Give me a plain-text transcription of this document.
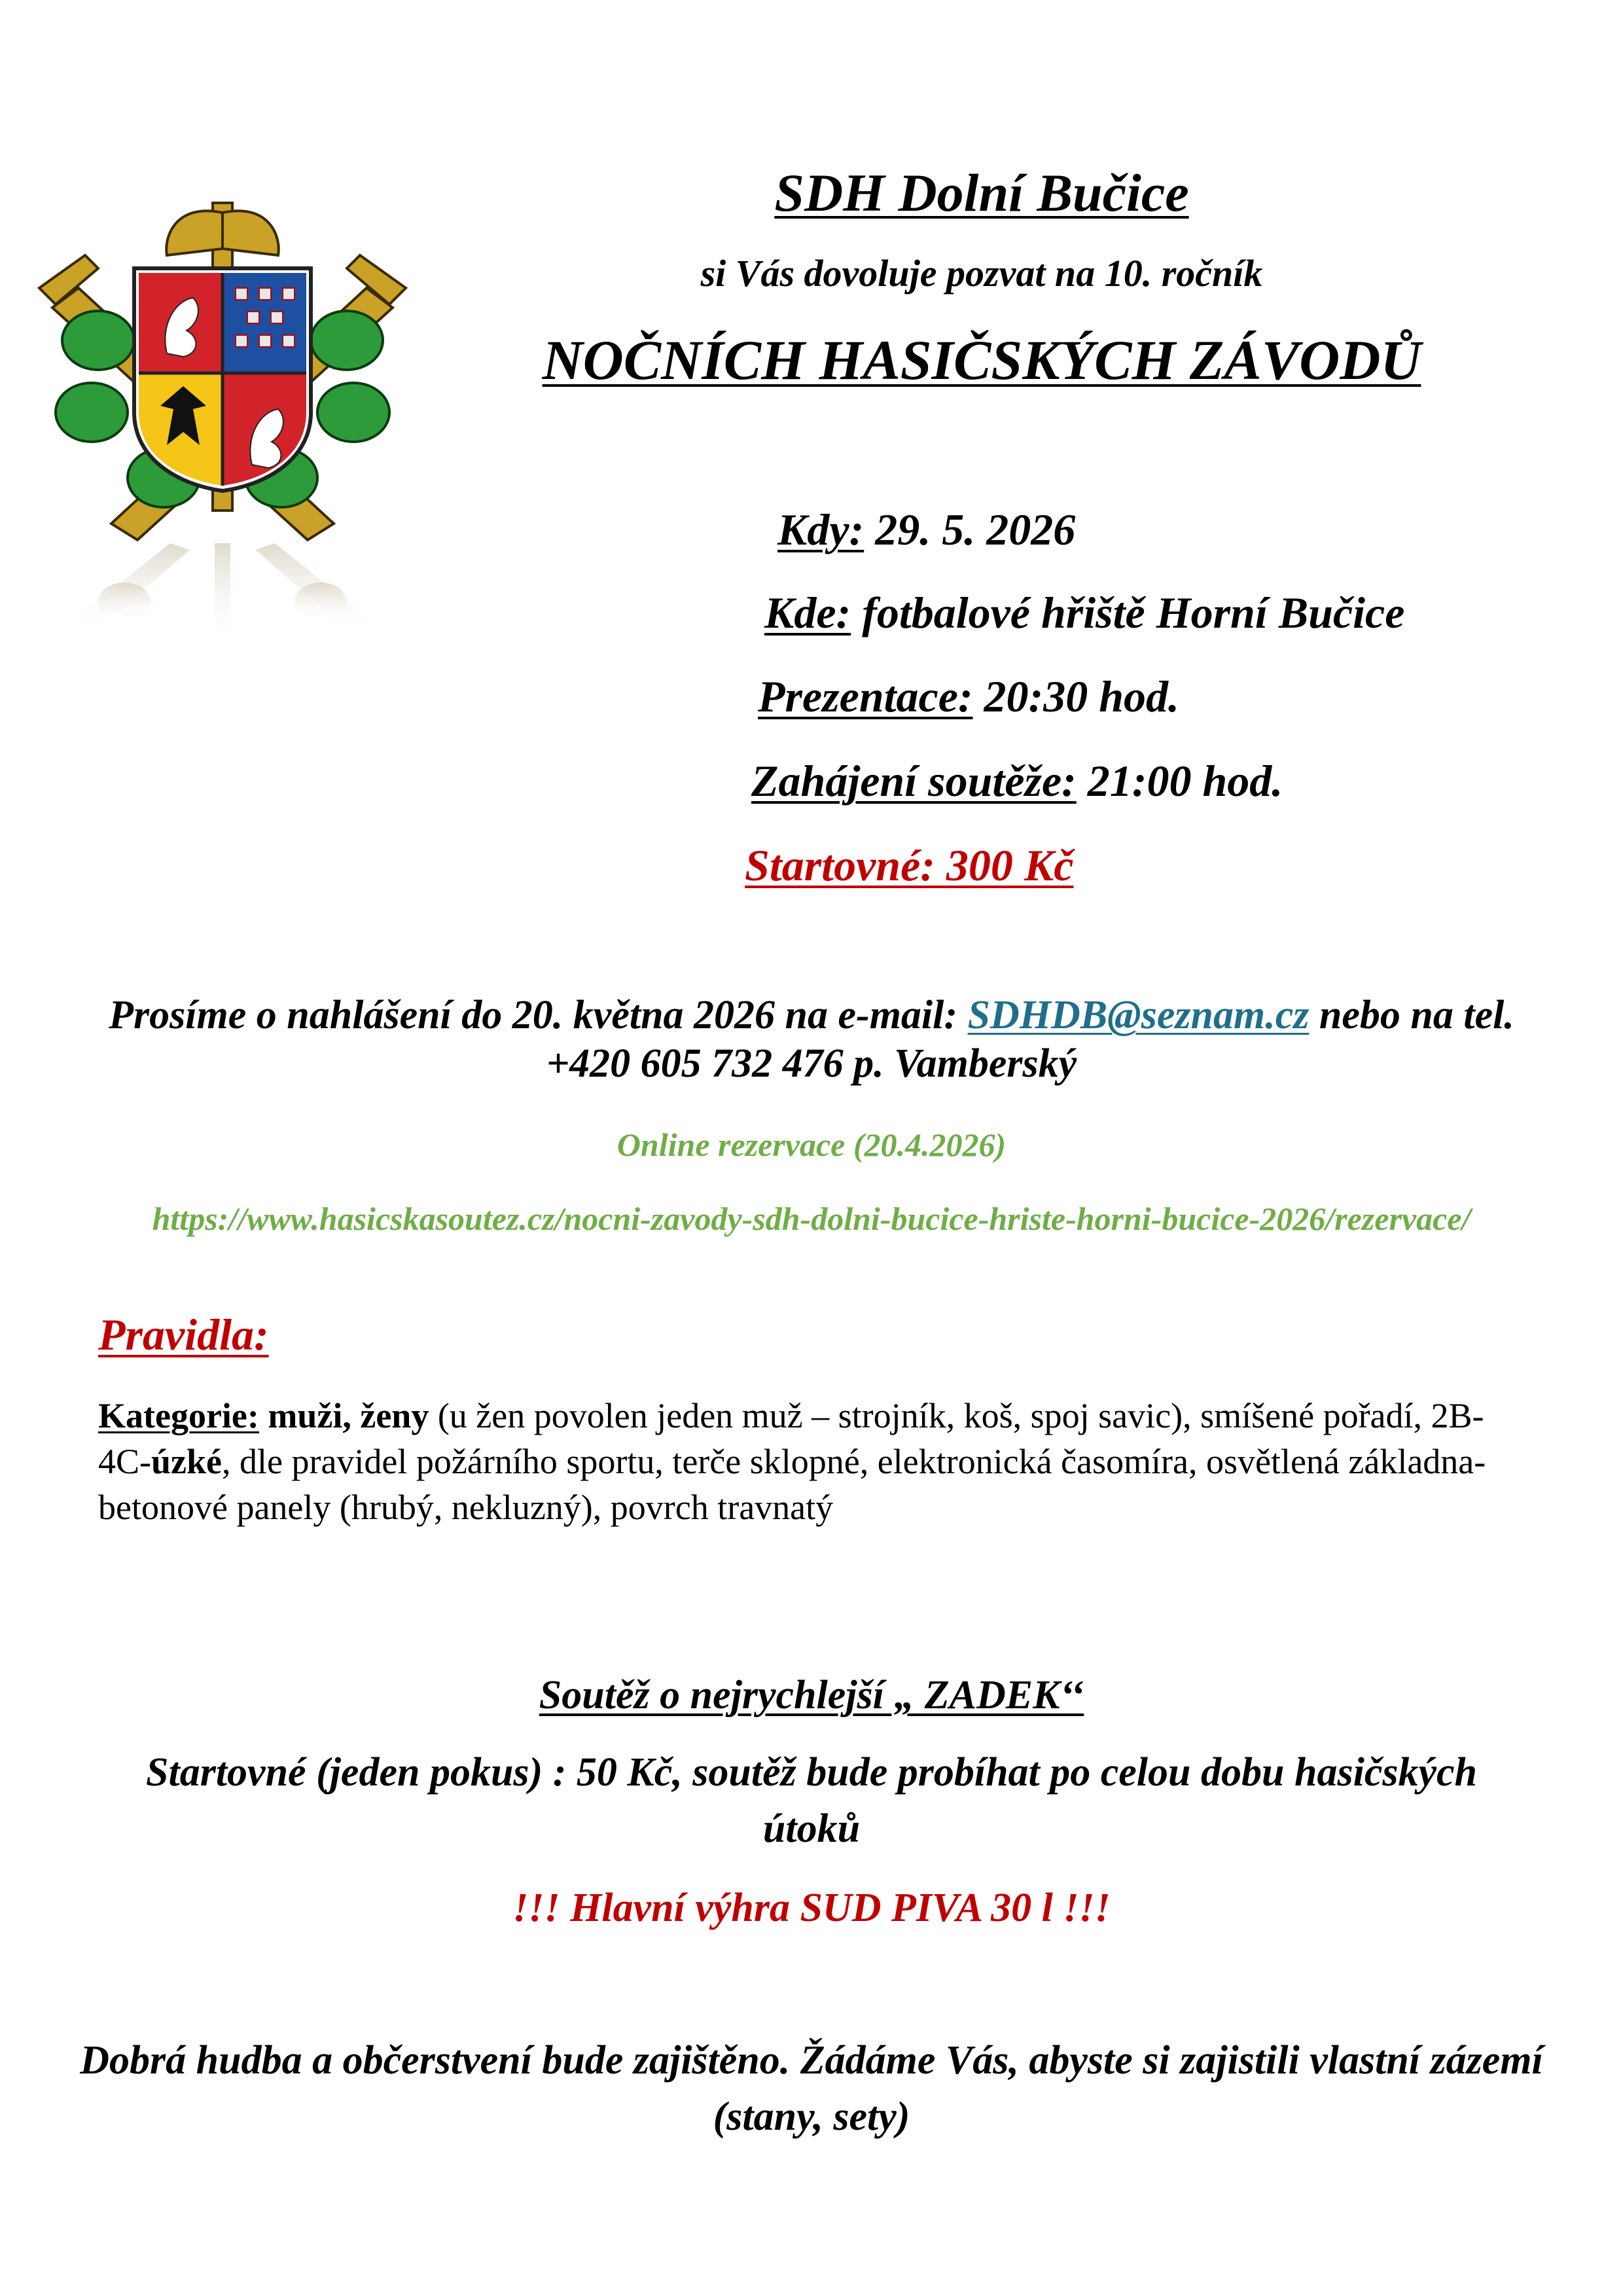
SDH Dolní Bučice
si Vás dovoluje pozvat na 10. ročník
NOČNÍCH HASIČSKÝCH ZÁVODŮ
Kdy: 29. 5. 2026
Kde: fotbalové hřiště Horní Bučice
Prezentace: 20:30 hod.
Zahájení soutěže: 21:00 hod.
Startovné: 300 Kč
Prosíme o nahlášení do 20. května 2026 na e-mail: SDHDB@seznam.cz nebo na tel. +420 605 732 476 p. Vamberský
Online rezervace (20.4.2026)
https://www.hasicskasoutez.cz/nocni-zavody-sdh-dolni-bucice-hriste-horni-bucice-2026/rezervace/
Pravidla:
Kategorie: muži, ženy (u žen povolen jeden muž – strojník, koš, spoj savic), smíšené pořadí, 2B-4C-úzké, dle pravidel požárního sportu, terče sklopné, elektronická časomíra, osvětlená základna- betonové panely (hrubý, nekluzný), povrch travnatý
Soutěž o nejrychlejší „ ZADEK‘‘
Startovné (jeden pokus) : 50 Kč, soutěž bude probíhat po celou dobu hasičských útoků
!!! Hlavní výhra SUD PIVA 30 l !!!
Dobrá hudba a občerstvení bude zajištěno. Žádáme Vás, abyste si zajistili vlastní zázemí (stany, sety)
